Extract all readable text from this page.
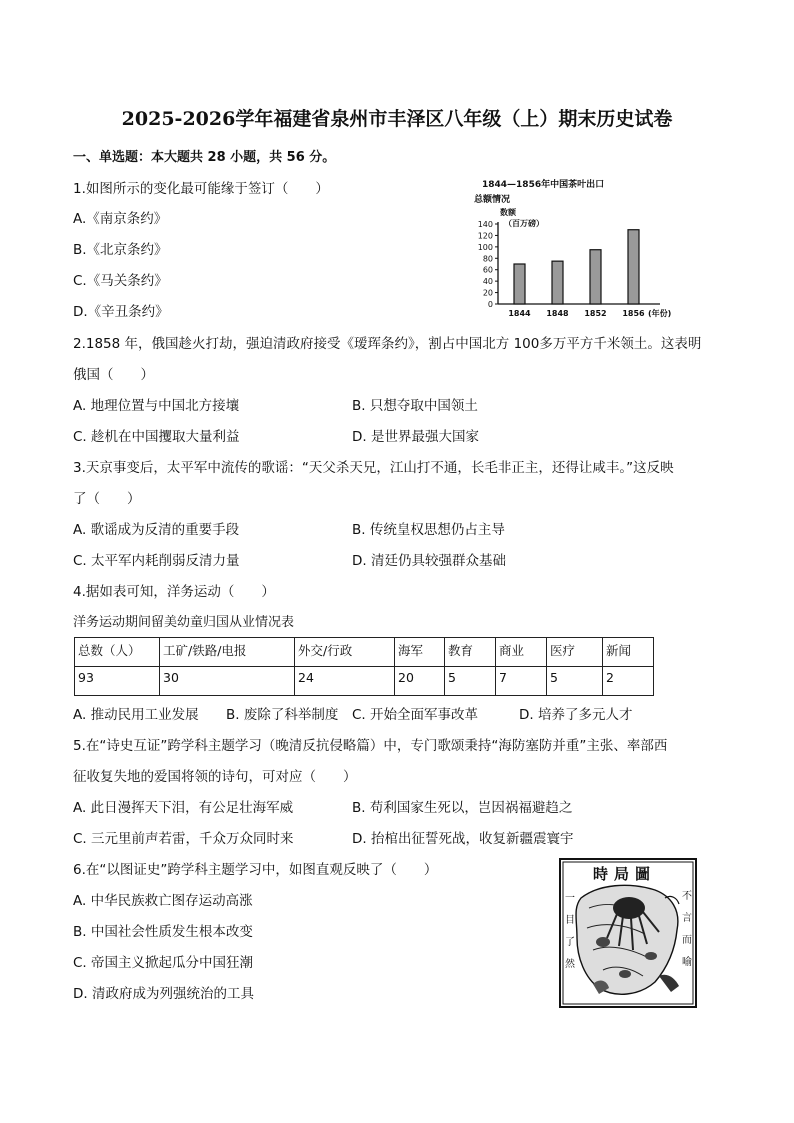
2025-2026学年福建省泉州市丰泽区八年级（上）期末历史试卷
一、单选题：本大题共 28 小题，共 56 分。
1.如图所示的变化最可能缘于签订（　　）
A.《南京条约》
B.《北京条约》
C.《马关条约》
D.《辛丑条约》
1844—1856年中国茶叶出口
总额情况
数额
（百万磅）
0
20
40
60
80
100
120
140
1844 1848 1852 1856 (年份)
2.1858 年，俄国趁火打劫，强迫清政府接受《瑷珲条约》，割占中国北方 100多万平方千米领土。这表明
俄国（　　）
A. 地理位置与中国北方接壤	B. 只想夺取中国领土
C. 趁机在中国攫取大量利益	D. 是世界最强大国家
3.天京事变后，太平军中流传的歌谣：“天父杀天兄，江山打不通，长毛非正主，还得让咸丰。”这反映
了（　　）
A. 歌谣成为反清的重要手段	B. 传统皇权思想仍占主导
C. 太平军内耗削弱反清力量	D. 清廷仍具较强群众基础
4.据如表可知，洋务运动（　　）
洋务运动期间留美幼童归国从业情况表
总数（人）	工矿/铁路/电报	外交/行政	海军	教育	商业	医疗	新闻
93	30	24	20	5	7	5	2
A. 推动民用工业发展 B. 废除了科举制度 C. 开始全面军事改革	D. 培养了多元人才
5.在“诗史互证”跨学科主题学习（晚清反抗侵略篇）中，专门歌颂秉持“海防塞防并重”主张、率部西
征收复失地的爱国将领的诗句，可对应（　　）
A. 此日漫挥天下泪，有公足壮海军威	B. 苟利国家生死以，岂因祸福避趋之
C. 三元里前声若雷，千众万众同时来	D. 抬棺出征誓死战，收复新疆震寰宇
6.在“以图证史”跨学科主题学习中，如图直观反映了（　　）
A. 中华民族救亡图存运动高涨
B. 中国社会性质发生根本改变
C. 帝国主义掀起瓜分中国狂潮
D. 清政府成为列强统治的工具
時局圖
不言而喻
一目了然
